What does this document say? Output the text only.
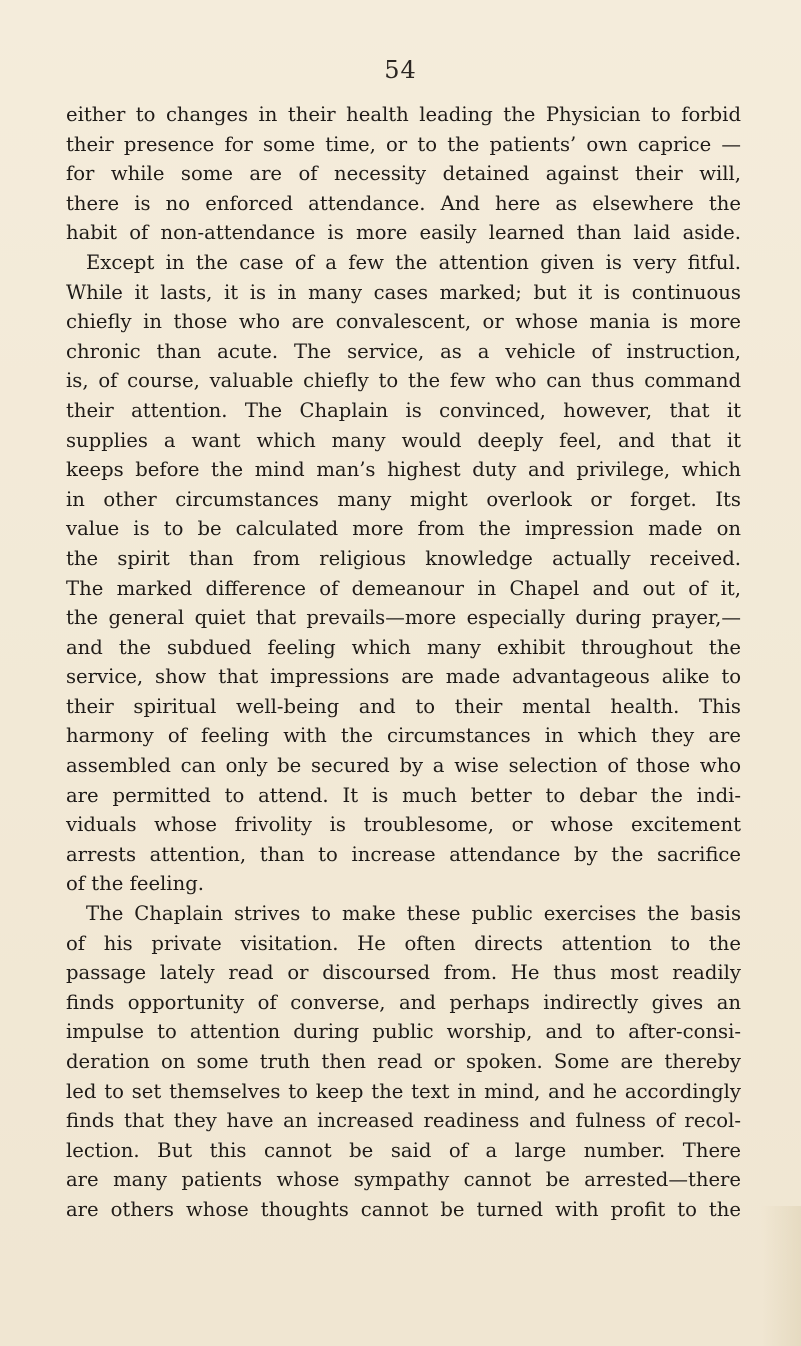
54
either to changes in their health leading the Physician to forbid
their presence for some time, or to the patients’ own caprice —
for while some are of necessity detained against their will,
there is no enforced attendance. And here as elsewhere the
habit of non-attendance is more easily learned than laid aside.
Except in the case of a few the attention given is very fitful.
While it lasts, it is in many cases marked; but it is continuous
chiefly in those who are convalescent, or whose mania is more
chronic than acute. The service, as a vehicle of instruction,
is, of course, valuable chiefly to the few who can thus command
their attention. The Chaplain is convinced, however, that it
supplies a want which many would deeply feel, and that it
keeps before the mind man’s highest duty and privilege, which
in other circumstances many might overlook or forget. Its
value is to be calculated more from the impression made on
the spirit than from religious knowledge actually received.
The marked difference of demeanour in Chapel and out of it,
the general quiet that prevails—more especially during prayer,—
and the subdued feeling which many exhibit throughout the
service, show that impressions are made advantageous alike to
their spiritual well-being and to their mental health. This
harmony of feeling with the circumstances in which they are
assembled can only be secured by a wise selection of those who
are permitted to attend. It is much better to debar the indi-
viduals whose frivolity is troublesome, or whose excitement
arrests attention, than to increase attendance by the sacrifice
of the feeling.
The Chaplain strives to make these public exercises the basis
of his private visitation. He often directs attention to the
passage lately read or discoursed from. He thus most readily
finds opportunity of converse, and perhaps indirectly gives an
impulse to attention during public worship, and to after-consi-
deration on some truth then read or spoken. Some are thereby
led to set themselves to keep the text in mind, and he accordingly
finds that they have an increased readiness and fulness of recol-
lection. But this cannot be said of a large number. There
are many patients whose sympathy cannot be arrested—there
are others whose thoughts cannot be turned with profit to the
